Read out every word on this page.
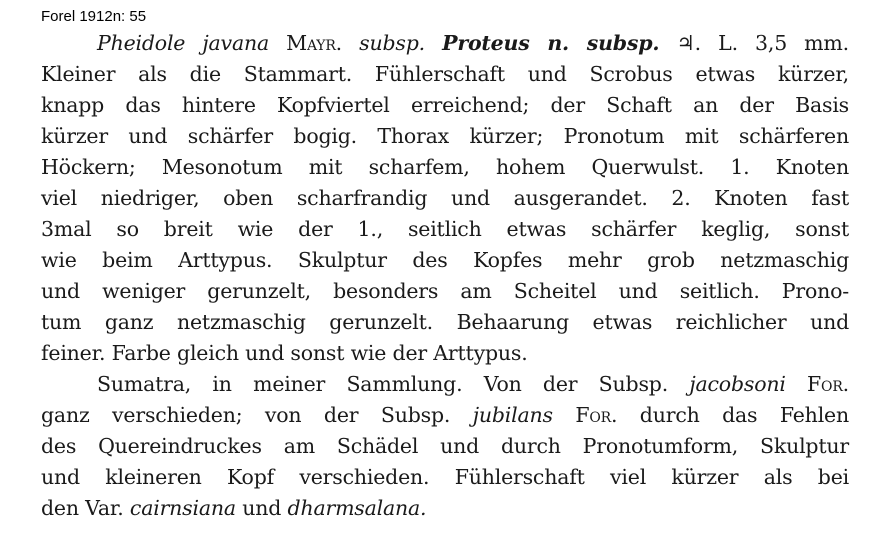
Forel 1912n: 55
Pheidole javana Mayr. subsp. Proteus n. subsp. ♃. L. 3,5 mm.
Kleiner als die Stammart. Fühlerschaft und Scrobus etwas kürzer,
knapp das hintere Kopfviertel erreichend; der Schaft an der Basis
kürzer und schärfer bogig. Thorax kürzer; Pronotum mit schärferen
Höckern; Mesonotum mit scharfem, hohem Querwulst. 1. Knoten
viel niedriger, oben scharfrandig und ausgerandet. 2. Knoten fast
3mal so breit wie der 1., seitlich etwas schärfer keglig, sonst
wie beim Arttypus. Skulptur des Kopfes mehr grob netzmaschig
und weniger gerunzelt, besonders am Scheitel und seitlich. Prono-
tum ganz netzmaschig gerunzelt. Behaarung etwas reichlicher und
feiner. Farbe gleich und sonst wie der Arttypus.
Sumatra, in meiner Sammlung. Von der Subsp. jacobsoni For.
ganz verschieden; von der Subsp. jubilans For. durch das Fehlen
des Quereindruckes am Schädel und durch Pronotumform, Skulptur
und kleineren Kopf verschieden. Fühlerschaft viel kürzer als bei
den Var. cairnsiana und dharmsalana.
